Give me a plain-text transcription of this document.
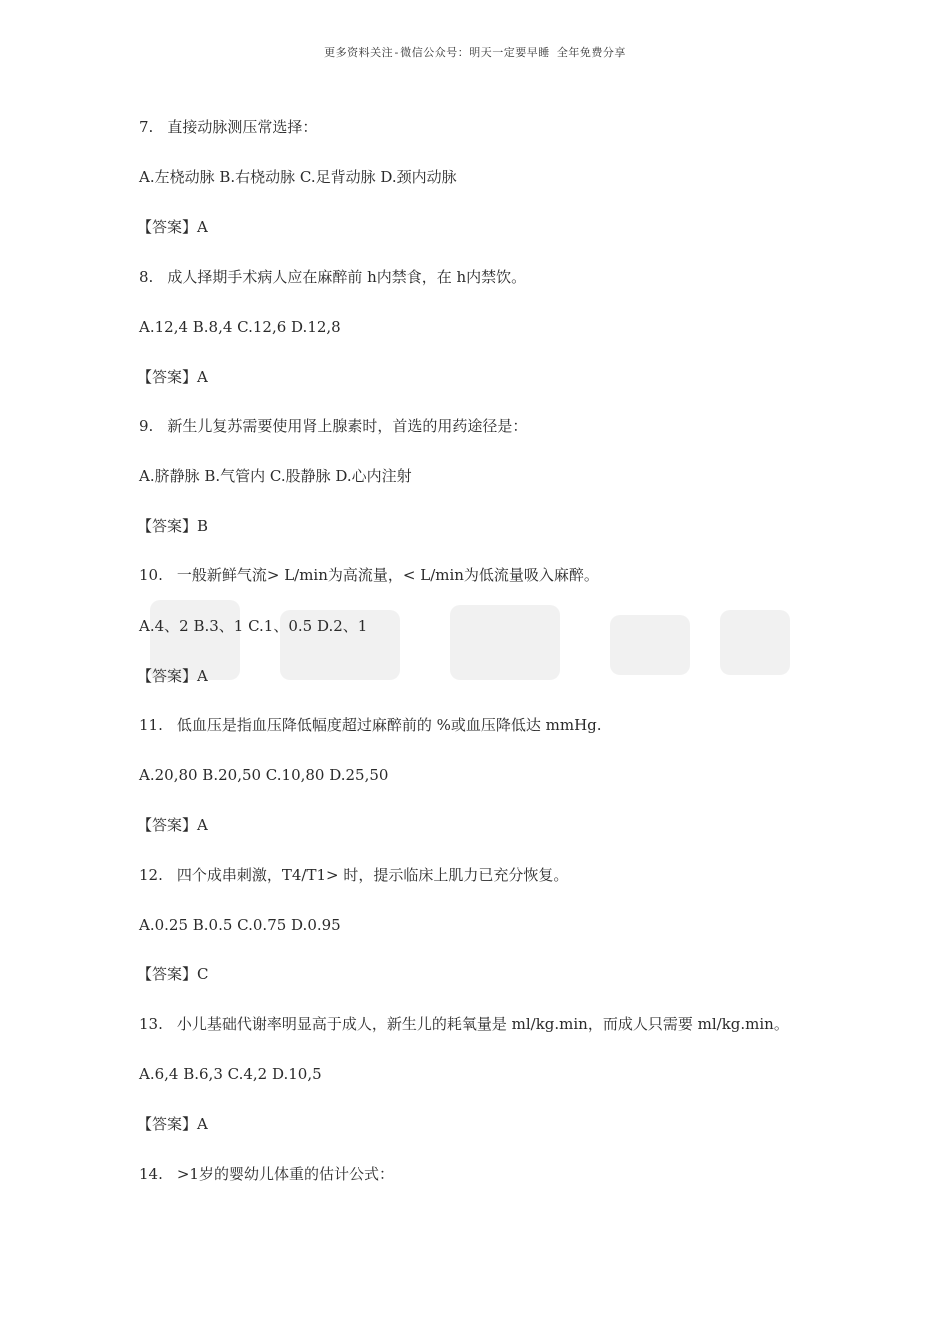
更多资料关注-微信公众号：明天一定要早睡 全年免费分享
7. 直接动脉测压常选择：
A.左桡动脉 B.右桡动脉 C.足背动脉 D.颈内动脉
【答案】A
8. 成人择期手术病人应在麻醉前 h内禁食，在 h内禁饮。
A.12,4 B.8,4 C.12,6 D.12,8
【答案】A
9. 新生儿复苏需要使用肾上腺素时，首选的用药途径是：
A.脐静脉 B.气管内 C.股静脉 D.心内注射
【答案】B
10. 一般新鲜气流> L/min为高流量，< L/min为低流量吸入麻醉。
A.4、2 B.3、1 C.1、0.5 D.2、1
【答案】A
11. 低血压是指血压降低幅度超过麻醉前的 %或血压降低达 mmHg.
A.20,80 B.20,50 C.10,80 D.25,50
【答案】A
12. 四个成串刺激，T4/T1> 时，提示临床上肌力已充分恢复。
A.0.25 B.0.5 C.0.75 D.0.95
【答案】C
13. 小儿基础代谢率明显高于成人，新生儿的耗氧量是 ml/kg.min，而成人只需要 ml/kg.min。
A.6,4 B.6,3 C.4,2 D.10,5
【答案】A
14. >1岁的婴幼儿体重的估计公式：
